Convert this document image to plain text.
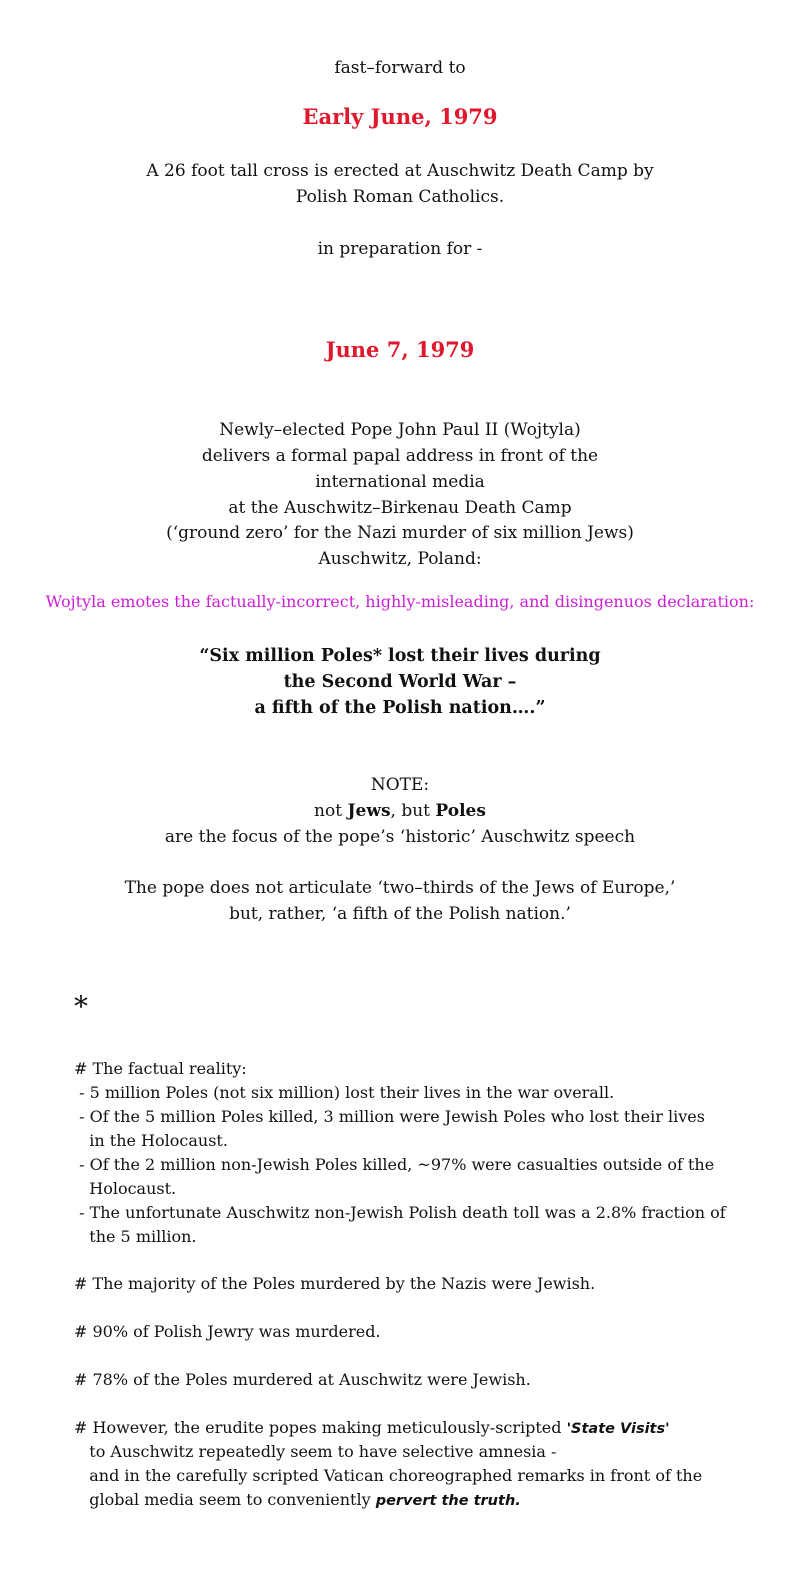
fast–forward to
Early June, 1979
A 26 foot tall cross is erected at Auschwitz Death Camp by
Polish Roman Catholics.
in preparation for -
June 7, 1979
Newly–elected Pope John Paul II (Wojtyla)
delivers a formal papal address in front of the
international media
at the Auschwitz–Birkenau Death Camp
(‘ground zero’ for the Nazi murder of six million Jews)
Auschwitz, Poland:
Wojtyla emotes the factually-incorrect, highly-misleading, and disingenuos declaration:
“Six million Poles* lost their lives during
the Second World War –
a fifth of the Polish nation….”
NOTE:
not Jews, but Poles
are the focus of the pope’s ‘historic’ Auschwitz speech
The pope does not articulate ‘two–thirds of the Jews of Europe,’
but, rather, ‘a fifth of the Polish nation.’
*
# The factual reality:
- 5 million Poles (not six million) lost their lives in the war overall.
- Of the 5 million Poles killed, 3 million were Jewish Poles who lost their lives
in the Holocaust.
- Of the 2 million non-Jewish Poles killed, ~97% were casualties outside of the
Holocaust.
- The unfortunate Auschwitz non-Jewish Polish death toll was a 2.8% fraction of
the 5 million.
# The majority of the Poles murdered by the Nazis were Jewish.
# 90% of Polish Jewry was murdered.
# 78% of the Poles murdered at Auschwitz were Jewish.
# However, the erudite popes making meticulously-scripted 'State Visits'
to Auschwitz repeatedly seem to have selective amnesia -
and in the carefully scripted Vatican choreographed remarks in front of the
global media seem to conveniently pervert the truth.
